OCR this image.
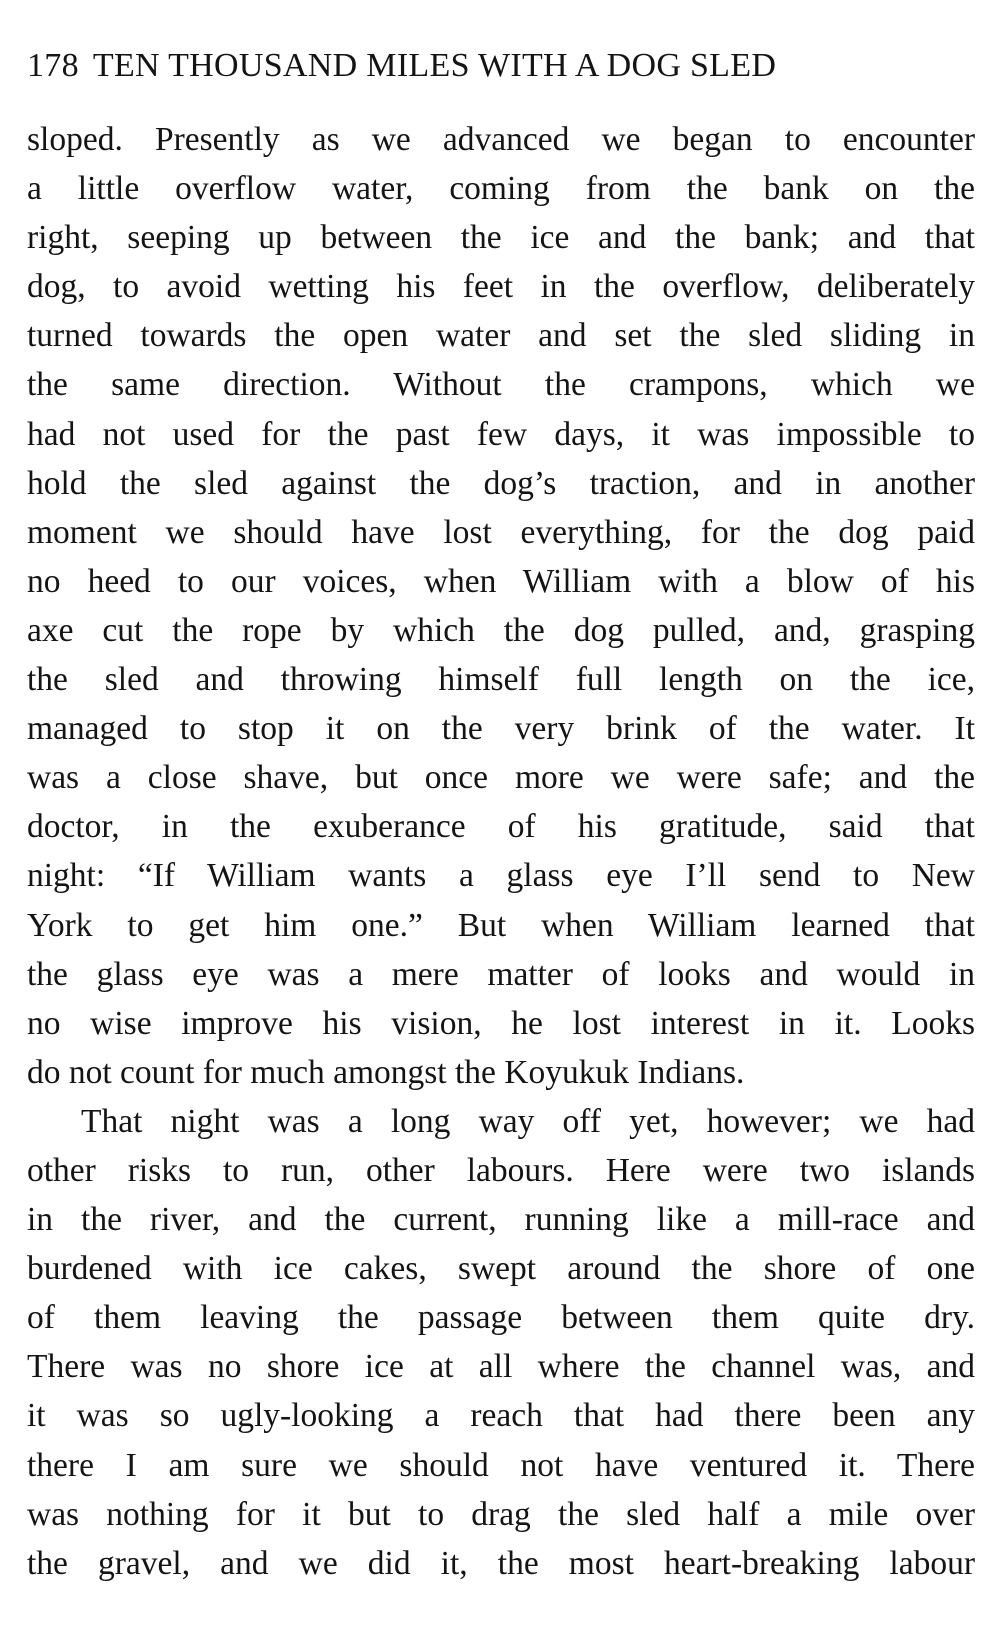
178 TEN THOUSAND MILES WITH A DOG SLED
sloped. Presently as we advanced we began to encounter
a little overflow water, coming from the bank on the
right, seeping up between the ice and the bank; and that
dog, to avoid wetting his feet in the overflow, deliberately
turned towards the open water and set the sled sliding in
the same direction. Without the crampons, which we
had not used for the past few days, it was impossible to
hold the sled against the dog’s traction, and in another
moment we should have lost everything, for the dog paid
no heed to our voices, when William with a blow of his
axe cut the rope by which the dog pulled, and, grasping
the sled and throwing himself full length on the ice,
managed to stop it on the very brink of the water. It
was a close shave, but once more we were safe; and the
doctor, in the exuberance of his gratitude, said that
night: “If William wants a glass eye I’ll send to New
York to get him one.” But when William learned that
the glass eye was a mere matter of looks and would in
no wise improve his vision, he lost interest in it. Looks
do not count for much amongst the Koyukuk Indians.
That night was a long way off yet, however; we had
other risks to run, other labours. Here were two islands
in the river, and the current, running like a mill-race and
burdened with ice cakes, swept around the shore of one
of them leaving the passage between them quite dry.
There was no shore ice at all where the channel was, and
it was so ugly-looking a reach that had there been any
there I am sure we should not have ventured it. There
was nothing for it but to drag the sled half a mile over
the gravel, and we did it, the most heart-breaking labour
